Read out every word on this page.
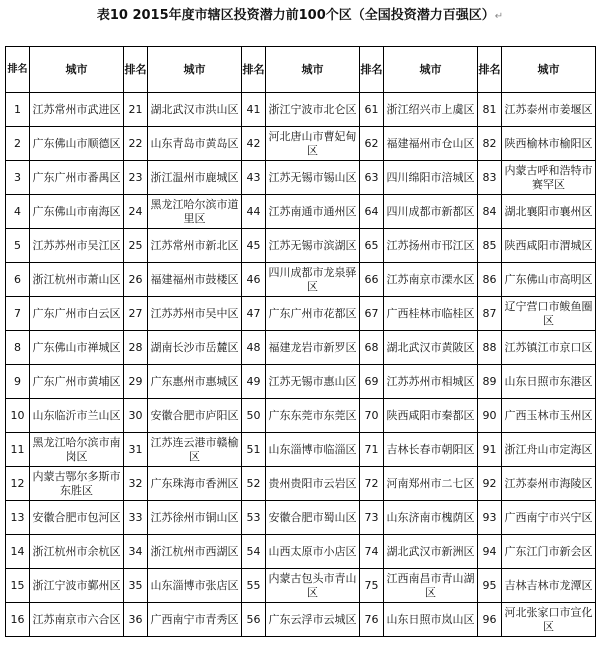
表10 2015年度市辖区投资潜力前100个区（全国投资潜力百强区）↵
排名	城市	排名	城市	排名	城市	排名	城市	排名	城市
1	江苏常州市武进区	21	湖北武汉市洪山区	41	浙江宁波市北仑区	61	浙江绍兴市上虞区	81	江苏泰州市姜堰区
2	广东佛山市顺德区	22	山东青岛市黄岛区	42	河北唐山市曹妃甸区	62	福建福州市仓山区	82	陕西榆林市榆阳区
3	广东广州市番禺区	23	浙江温州市鹿城区	43	江苏无锡市锡山区	63	四川绵阳市涪城区	83	内蒙古呼和浩特市赛罕区
4	广东佛山市南海区	24	黑龙江哈尔滨市道里区	44	江苏南通市通州区	64	四川成都市新都区	84	湖北襄阳市襄州区
5	江苏苏州市吴江区	25	江苏常州市新北区	45	江苏无锡市滨湖区	65	江苏扬州市邗江区	85	陕西咸阳市渭城区
6	浙江杭州市萧山区	26	福建福州市鼓楼区	46	四川成都市龙泉驿区	66	江苏南京市溧水区	86	广东佛山市高明区
7	广东广州市白云区	27	江苏苏州市吴中区	47	广东广州市花都区	67	广西桂林市临桂区	87	辽宁营口市鲅鱼圈区
8	广东佛山市禅城区	28	湖南长沙市岳麓区	48	福建龙岩市新罗区	68	湖北武汉市黄陂区	88	江苏镇江市京口区
9	广东广州市黄埔区	29	广东惠州市惠城区	49	江苏无锡市惠山区	69	江苏苏州市相城区	89	山东日照市东港区
10	山东临沂市兰山区	30	安徽合肥市庐阳区	50	广东东莞市东莞区	70	陕西咸阳市秦都区	90	广西玉林市玉州区
11	黑龙江哈尔滨市南岗区	31	江苏连云港市赣榆区	51	山东淄博市临淄区	71	吉林长春市朝阳区	91	浙江舟山市定海区
12	内蒙古鄂尔多斯市东胜区	32	广东珠海市香洲区	52	贵州贵阳市云岩区	72	河南郑州市二七区	92	江苏泰州市海陵区
13	安徽合肥市包河区	33	江苏徐州市铜山区	53	安徽合肥市蜀山区	73	山东济南市槐荫区	93	广西南宁市兴宁区
14	浙江杭州市余杭区	34	浙江杭州市西湖区	54	山西太原市小店区	74	湖北武汉市新洲区	94	广东江门市新会区
15	浙江宁波市鄞州区	35	山东淄博市张店区	55	内蒙古包头市青山区	75	江西南昌市青山湖区	95	吉林吉林市龙潭区
16	江苏南京市六合区	36	广西南宁市青秀区	56	广东云浮市云城区	76	山东日照市岚山区	96	河北张家口市宣化区
